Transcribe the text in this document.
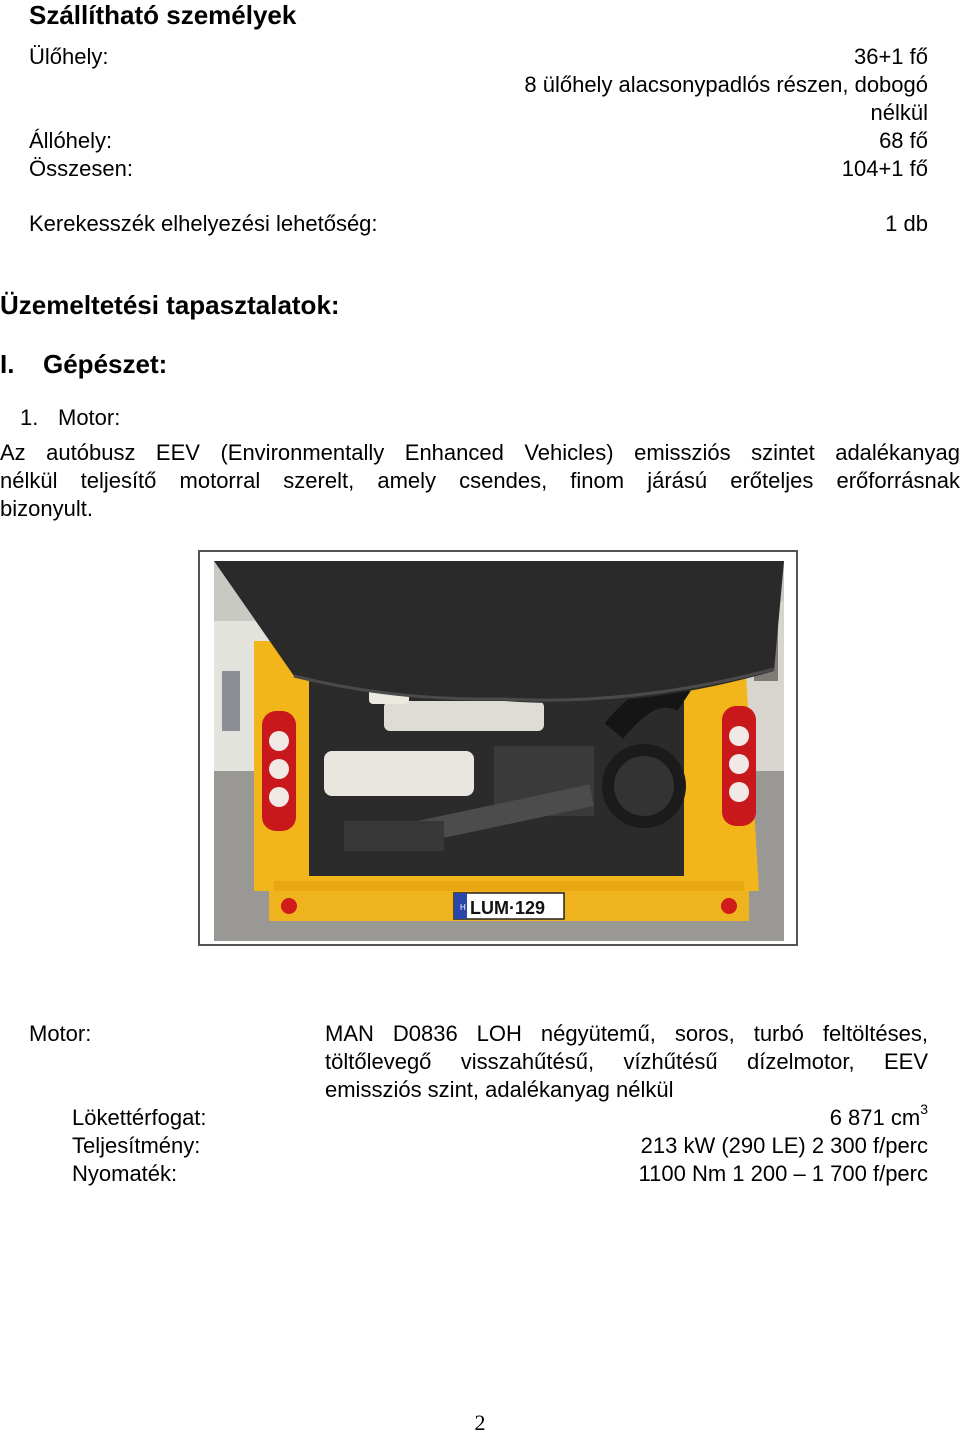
Szállítható személyek
Ülőhely:	36+1 fő
8 ülőhely alacsonypadlós részen, dobogó
nélkül
Állóhely:	68 fő
Összesen:	104+1 fő
Kerekesszék elhelyezési lehetőség:	1 db
Üzemeltetési tapasztalatok:
I. Gépészet:
1. Motor:
Az autóbusz EEV (Environmentally Enhanced Vehicles) emissziós szintet adalékanyag
nélkül teljesítő motorral szerelt, amely csendes, finom járású erőteljes erőforrásnak
bizonyult.
H LUM·129
Motor:	MAN D0836 LOH négyütemű, soros, turbó feltöltéses,
töltőlevegő visszahűtésű, vízhűtésű dízelmotor, EEV
emissziós szint, adalékanyag nélkül
Lökettérfogat:	6 871 $cm^3$
Teljesítmény:	213 kW (290 LE) 2 300 f/perc
Nyomaték:	1100 Nm 1 200 – 1 700 f/perc
2
